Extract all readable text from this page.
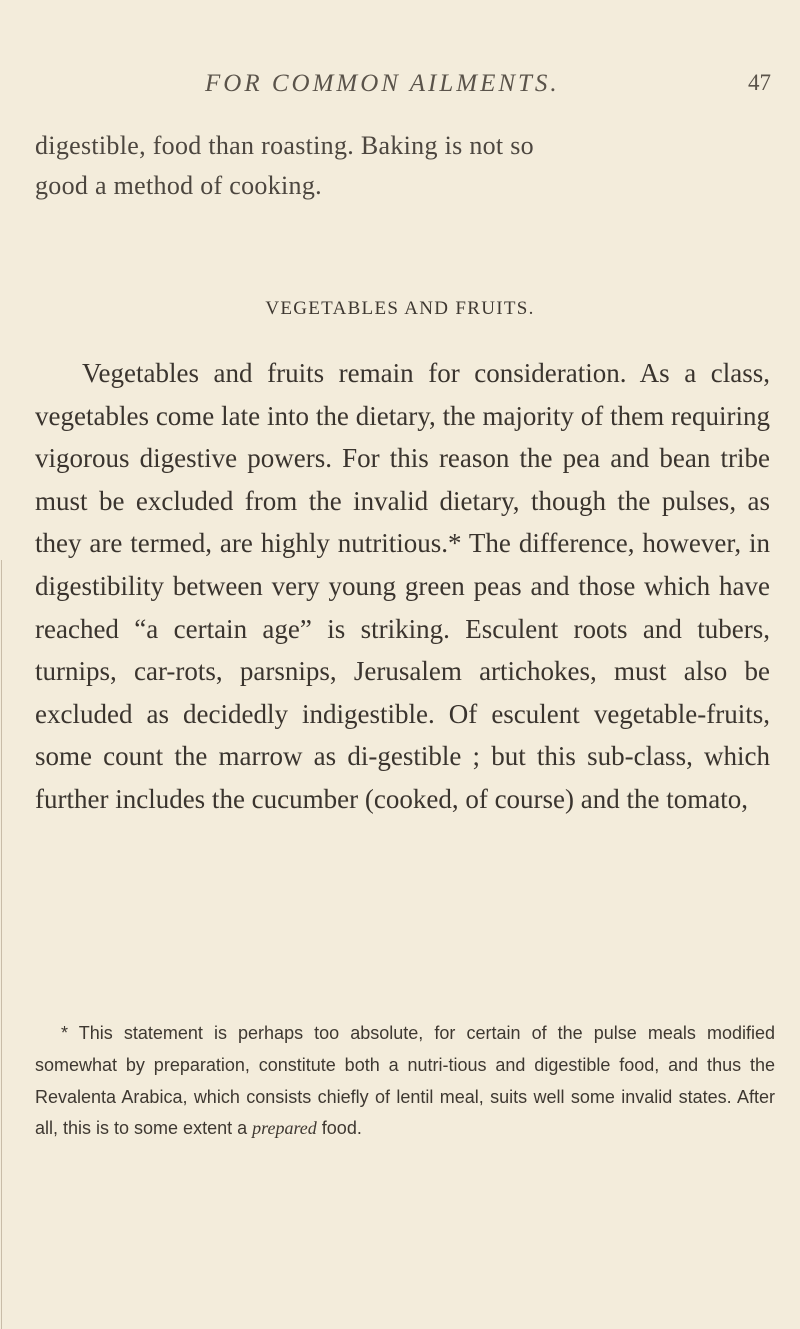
FOR COMMON AILMENTS.	47
digestible, food than roasting. Baking is not so
good a method of cooking.
VEGETABLES AND FRUITS.

Vegetables and fruits remain for consideration. As a class, vegetables come late into the dietary, the majority of them requiring vigorous digestive powers. For this reason the pea and bean tribe must be excluded from the invalid dietary, though the pulses, as they are termed, are highly nutritious.* The difference, however, in digestibility between very young green peas and those which have reached “a certain age” is striking. Esculent roots and tubers, turnips, car-rots, parsnips, Jerusalem artichokes, must also be excluded as decidedly indigestible. Of esculent vegetable-fruits, some count the marrow as di-gestible ; but this sub-class, which further includes the cucumber (cooked, of course) and the tomato,

* This statement is perhaps too absolute, for certain of the pulse meals modified somewhat by preparation, constitute both a nutri-tious and digestible food, and thus the Revalenta Arabica, which consists chiefly of lentil meal, suits well some invalid states. After all, this is to some extent a prepared food.
